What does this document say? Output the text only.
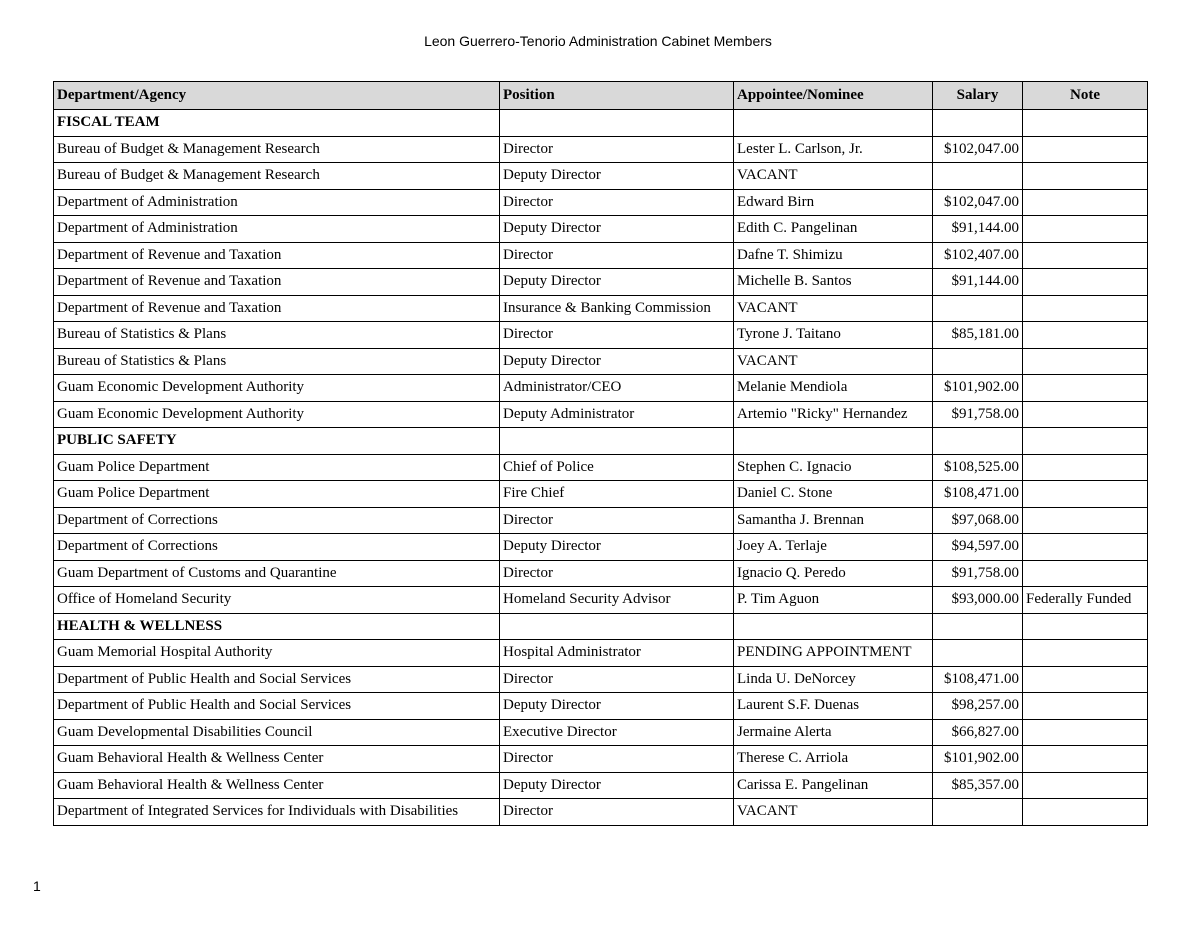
Leon Guerrero-Tenorio Administration Cabinet Members
Department/Agency	Position	Appointee/Nominee	Salary	Note
FISCAL TEAM				
Bureau of Budget & Management Research	Director	Lester L. Carlson, Jr.	$102,047.00	
Bureau of Budget & Management Research	Deputy Director	VACANT		
Department of Administration	Director	Edward Birn	$102,047.00	
Department of Administration	Deputy Director	Edith C. Pangelinan	$91,144.00	
Department of Revenue and Taxation	Director	Dafne T. Shimizu	$102,407.00	
Department of Revenue and Taxation	Deputy Director	Michelle B. Santos	$91,144.00	
Department of Revenue and Taxation	Insurance & Banking Commission	VACANT		
Bureau of Statistics & Plans	Director	Tyrone J. Taitano	$85,181.00	
Bureau of Statistics & Plans	Deputy Director	VACANT		
Guam Economic Development Authority	Administrator/CEO	Melanie Mendiola	$101,902.00	
Guam Economic Development Authority	Deputy Administrator	Artemio "Ricky" Hernandez	$91,758.00	
PUBLIC SAFETY				
Guam Police Department	Chief of Police	Stephen C. Ignacio	$108,525.00	
Guam Police Department	Fire Chief	Daniel C. Stone	$108,471.00	
Department of Corrections	Director	Samantha J. Brennan	$97,068.00	
Department of Corrections	Deputy Director	Joey A. Terlaje	$94,597.00	
Guam Department of Customs and Quarantine	Director	Ignacio Q. Peredo	$91,758.00	
Office of Homeland Security	Homeland Security Advisor	P. Tim Aguon	$93,000.00	Federally Funded
HEALTH & WELLNESS				
Guam Memorial Hospital Authority	Hospital Administrator	PENDING APPOINTMENT		
Department of Public Health and Social Services	Director	Linda U. DeNorcey	$108,471.00	
Department of Public Health and Social Services	Deputy Director	Laurent S.F. Duenas	$98,257.00	
Guam Developmental Disabilities Council	Executive Director	Jermaine Alerta	$66,827.00	
Guam Behavioral Health & Wellness Center	Director	Therese C. Arriola	$101,902.00	
Guam Behavioral Health & Wellness Center	Deputy Director	Carissa E. Pangelinan	$85,357.00	
Department of Integrated Services for Individuals with Disabilities	Director	VACANT		
1
